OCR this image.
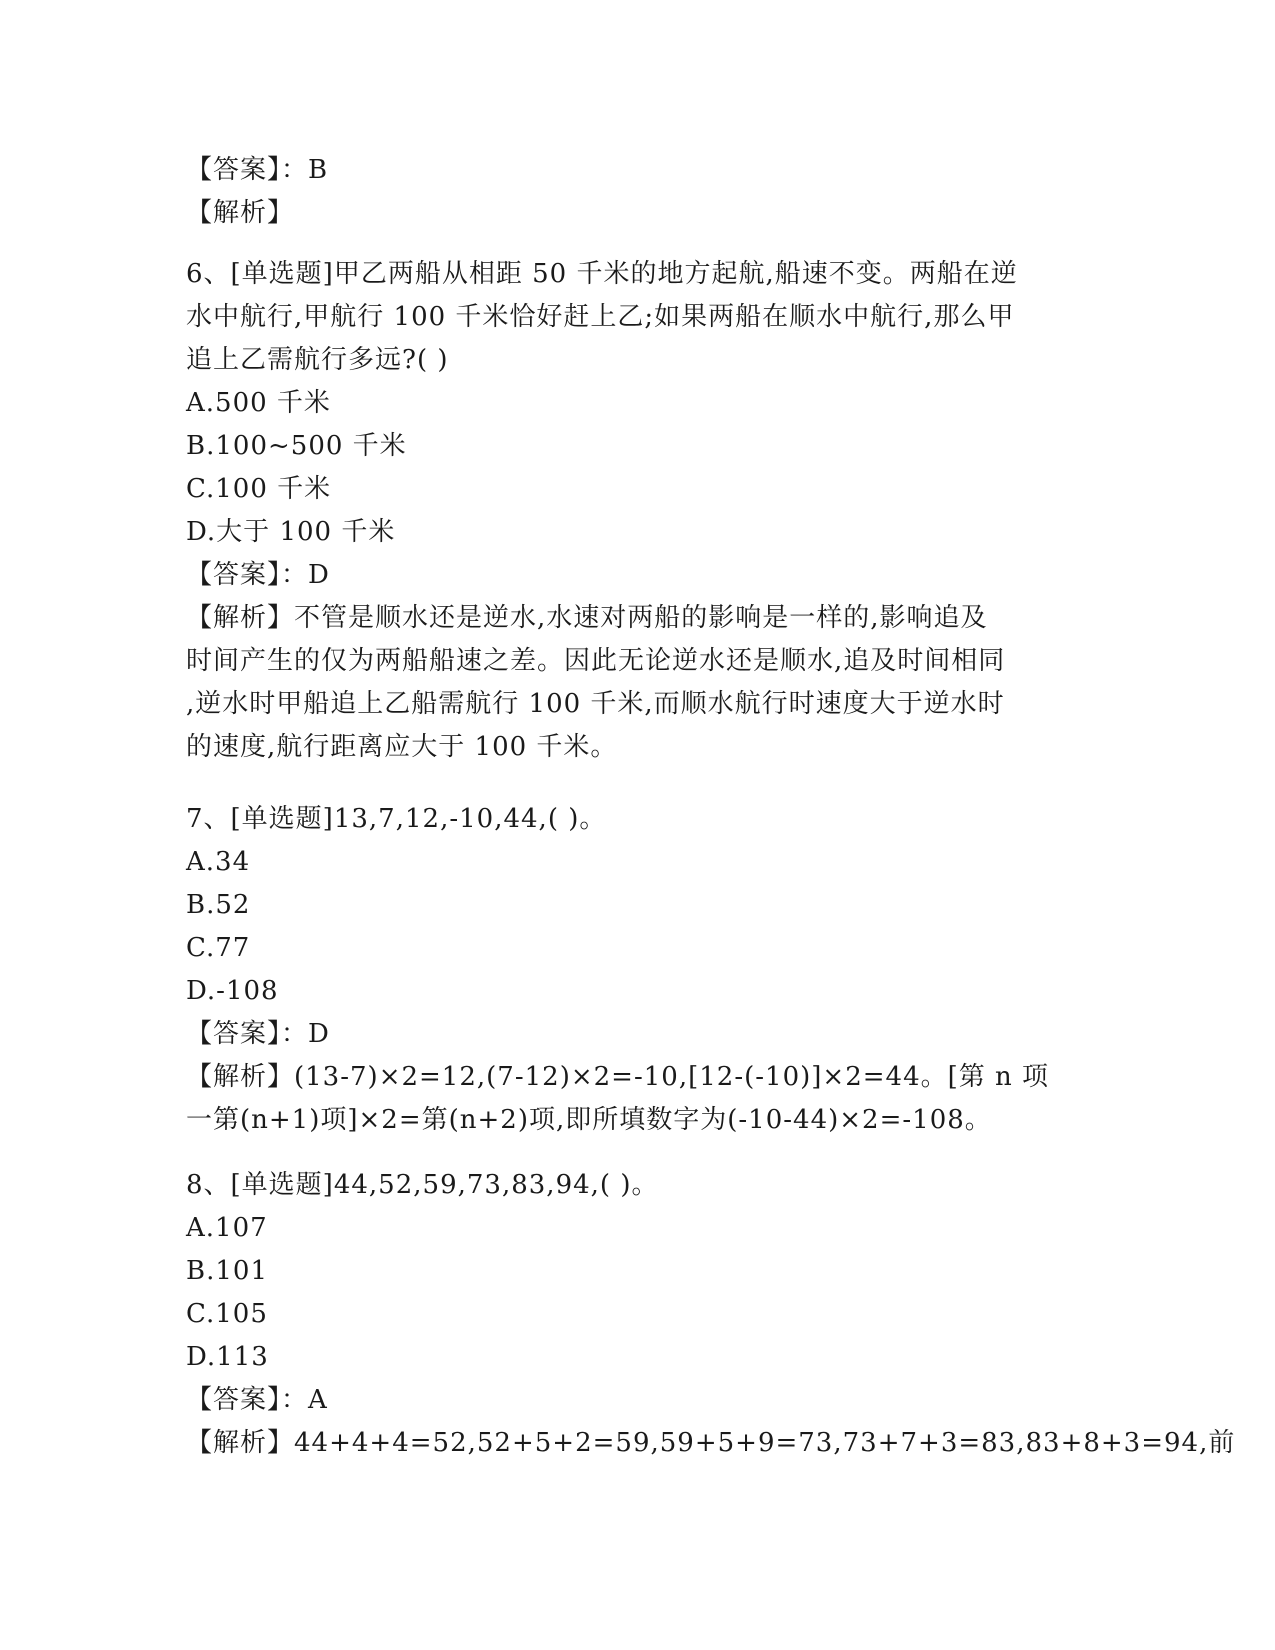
【答案】：B
【解析】
6、[单选题]甲乙两船从相距 50 千米的地方起航,船速不变。两船在逆
水中航行,甲航行 100 千米恰好赶上乙;如果两船在顺水中航行,那么甲
追上乙需航行多远?( )
A.500 千米
B.100~500 千米
C.100 千米
D.大于 100 千米
【答案】：D
【解析】不管是顺水还是逆水,水速对两船的影响是一样的,影响追及
时间产生的仅为两船船速之差。因此无论逆水还是顺水,追及时间相同
,逆水时甲船追上乙船需航行 100 千米,而顺水航行时速度大于逆水时
的速度,航行距离应大于 100 千米。
7、[单选题]13,7,12,-10,44,( )。
A.34
B.52
C.77
D.-108
【答案】：D
【解析】(13-7)×2=12,(7-12)×2=-10,[12-(-10)]×2=44。[第 n 项
一第(n+1)项]×2=第(n+2)项,即所填数字为(-10-44)×2=-108。
8、[单选题]44,52,59,73,83,94,( )。
A.107
B.101
C.105
D.113
【答案】：A
【解析】44+4+4=52,52+5+2=59,59+5+9=73,73+7+3=83,83+8+3=94,前
